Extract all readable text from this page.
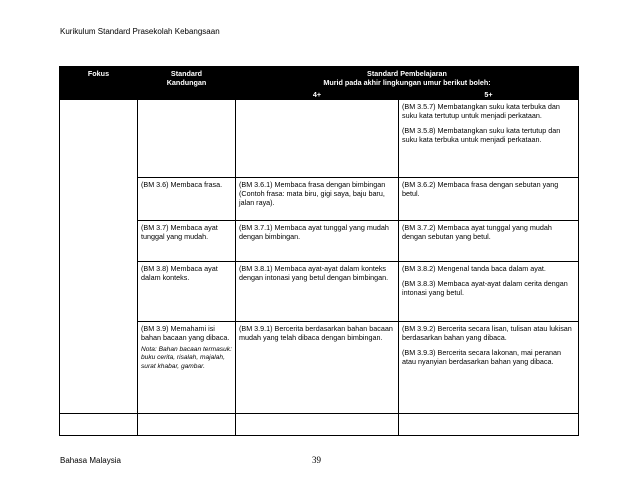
Kurikulum Standard Prasekolah Kebangsaan
Fokus	Standard
Kandungan	Standard Pembelajaran
Murid pada akhir lingkungan umur berikut boleh:	

		4+	5+

			(BM 3.5.7) Membatangkan suku kata terbuka dan suku kata tertutup untuk menjadi perkataan.
(BM 3.5.8) Membatangkan suku kata tertutup dan suku kata terbuka untuk menjadi perkataan.

	(BM 3.6) Membaca frasa.	(BM 3.6.1) Membaca frasa dengan bimbingan (Contoh frasa: mata biru, gigi saya, baju baru, jalan raya).	(BM 3.6.2) Membaca frasa dengan sebutan yang betul.

	(BM 3.7) Membaca ayat tunggal yang mudah.	(BM 3.7.1) Membaca ayat tunggal yang mudah dengan bimbingan.	(BM 3.7.2) Membaca ayat tunggal yang mudah dengan sebutan yang betul.

	(BM 3.8) Membaca ayat dalam konteks.	(BM 3.8.1) Membaca ayat-ayat dalam konteks dengan intonasi yang betul dengan bimbingan.	(BM 3.8.2) Mengenal tanda baca dalam ayat.
(BM 3.8.3) Membaca ayat-ayat dalam cerita dengan intonasi yang betul.

	(BM 3.9) Memahami isi bahan bacaan yang dibaca.
Nota: Bahan bacaan termasuk: buku cerita, risalah, majalah, surat khabar, gambar.	(BM 3.9.1) Bercerita berdasarkan bahan bacaan mudah yang telah dibaca dengan bimbingan.	(BM 3.9.2) Bercerita secara lisan, tulisan atau lukisan berdasarkan bahan yang dibaca.
(BM 3.9.3) Bercerita secara lakonan, mai peranan atau nyanyian berdasarkan bahan yang dibaca.

Bahasa Malaysia	39
